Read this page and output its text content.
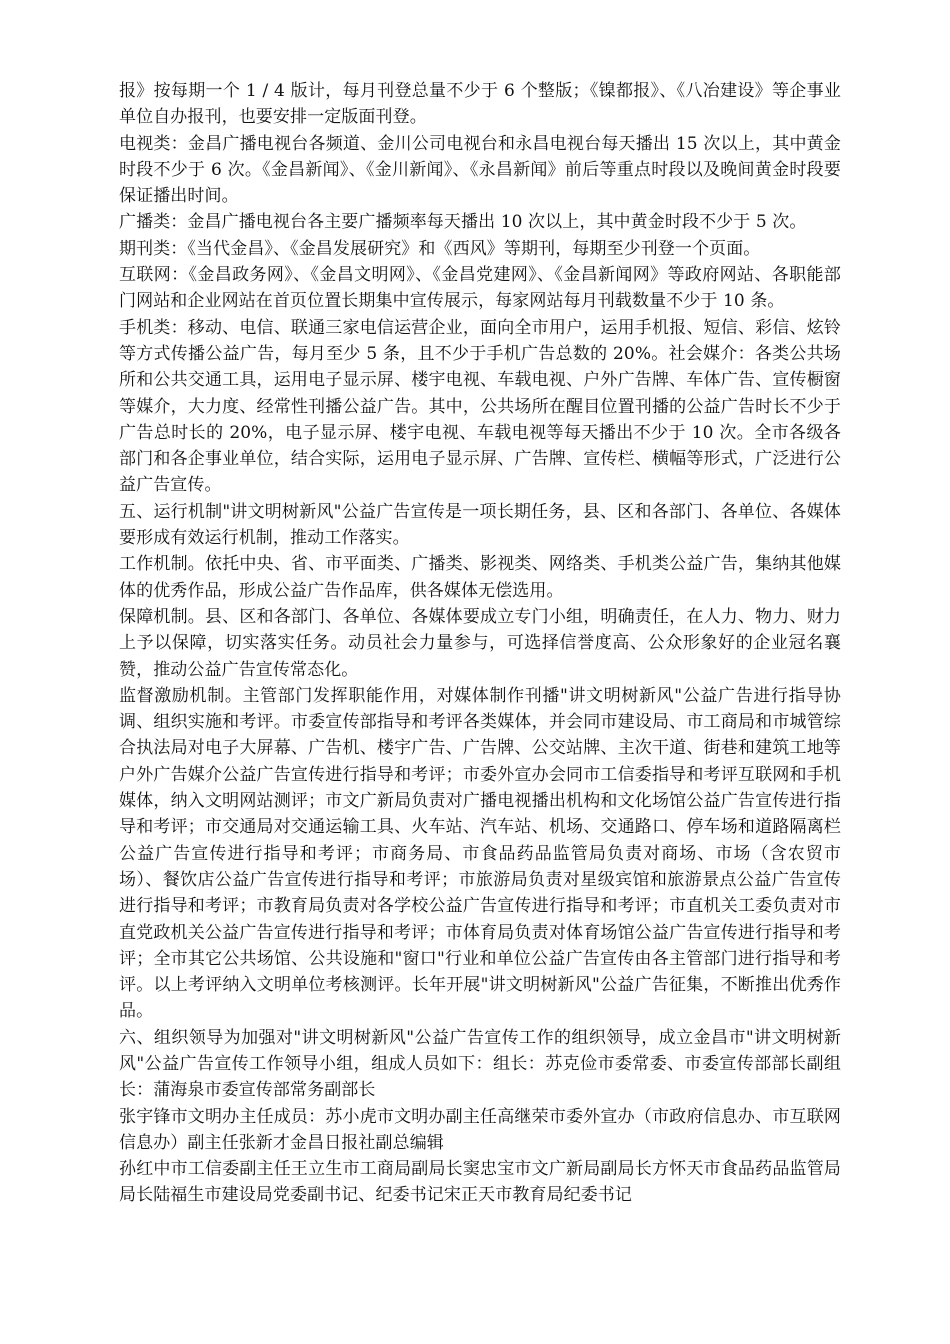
报》按每期一个 1 / 4 版计，每月刊登总量不少于 6 个整版；《镍都报》、《八冶建设》等企事业单位自办报刊，也要安排一定版面刊登。

电视类：金昌广播电视台各频道、金川公司电视台和永昌电视台每天播出 15 次以上，其中黄金时段不少于 6 次。《金昌新闻》、《金川新闻》、《永昌新闻》前后等重点时段以及晚间黄金时段要保证播出时间。

广播类：金昌广播电视台各主要广播频率每天播出 10 次以上，其中黄金时段不少于 5 次。

期刊类：《当代金昌》、《金昌发展研究》和《西风》等期刊，每期至少刊登一个页面。

互联网：《金昌政务网》、《金昌文明网》、《金昌党建网》、《金昌新闻网》等政府网站、各职能部门网站和企业网站在首页位置长期集中宣传展示，每家网站每月刊载数量不少于 10 条。

手机类：移动、电信、联通三家电信运营企业，面向全市用户，运用手机报、短信、彩信、炫铃等方式传播公益广告，每月至少 5 条，且不少于手机广告总数的 20%。社会媒介：各类公共场所和公共交通工具，运用电子显示屏、楼宇电视、车载电视、户外广告牌、车体广告、宣传橱窗等媒介，大力度、经常性刊播公益广告。其中，公共场所在醒目位置刊播的公益广告时长不少于广告总时长的 20%，电子显示屏、楼宇电视、车载电视等每天播出不少于 10 次。全市各级各部门和各企事业单位，结合实际，运用电子显示屏、广告牌、宣传栏、横幅等形式，广泛进行公益广告宣传。

五、运行机制"讲文明树新风"公益广告宣传是一项长期任务，县、区和各部门、各单位、各媒体要形成有效运行机制，推动工作落实。

工作机制。依托中央、省、市平面类、广播类、影视类、网络类、手机类公益广告，集纳其他媒体的优秀作品，形成公益广告作品库，供各媒体无偿选用。

保障机制。县、区和各部门、各单位、各媒体要成立专门小组，明确责任，在人力、物力、财力上予以保障，切实落实任务。动员社会力量参与，可选择信誉度高、公众形象好的企业冠名襄赞，推动公益广告宣传常态化。

监督激励机制。主管部门发挥职能作用，对媒体制作刊播"讲文明树新风"公益广告进行指导协调、组织实施和考评。市委宣传部指导和考评各类媒体，并会同市建设局、市工商局和市城管综合执法局对电子大屏幕、广告机、楼宇广告、广告牌、公交站牌、主次干道、街巷和建筑工地等户外广告媒介公益广告宣传进行指导和考评；市委外宣办会同市工信委指导和考评互联网和手机媒体，纳入文明网站测评；市文广新局负责对广播电视播出机构和文化场馆公益广告宣传进行指导和考评；市交通局对交通运输工具、火车站、汽车站、机场、交通路口、停车场和道路隔离栏公益广告宣传进行指导和考评；市商务局、市食品药品监管局负责对商场、市场（含农贸市场）、餐饮店公益广告宣传进行指导和考评；市旅游局负责对星级宾馆和旅游景点公益广告宣传进行指导和考评；市教育局负责对各学校公益广告宣传进行指导和考评；市直机关工委负责对市直党政机关公益广告宣传进行指导和考评；市体育局负责对体育场馆公益广告宣传进行指导和考评；全市其它公共场馆、公共设施和"窗口"行业和单位公益广告宣传由各主管部门进行指导和考评。以上考评纳入文明单位考核测评。长年开展"讲文明树新风"公益广告征集，不断推出优秀作品。

六、组织领导为加强对"讲文明树新风"公益广告宣传工作的组织领导，成立金昌市"讲文明树新风"公益广告宣传工作领导小组，组成人员如下：组长：苏克俭市委常委、市委宣传部部长副组长：蒲海泉市委宣传部常务副部长

张宇锋市文明办主任成员：苏小虎市文明办副主任高继荣市委外宣办（市政府信息办、市互联网信息办）副主任张新才金昌日报社副总编辑

孙红中市工信委副主任王立生市工商局副局长窦忠宝市文广新局副局长方怀天市食品药品监管局局长陆福生市建设局党委副书记、纪委书记宋正天市教育局纪委书记
